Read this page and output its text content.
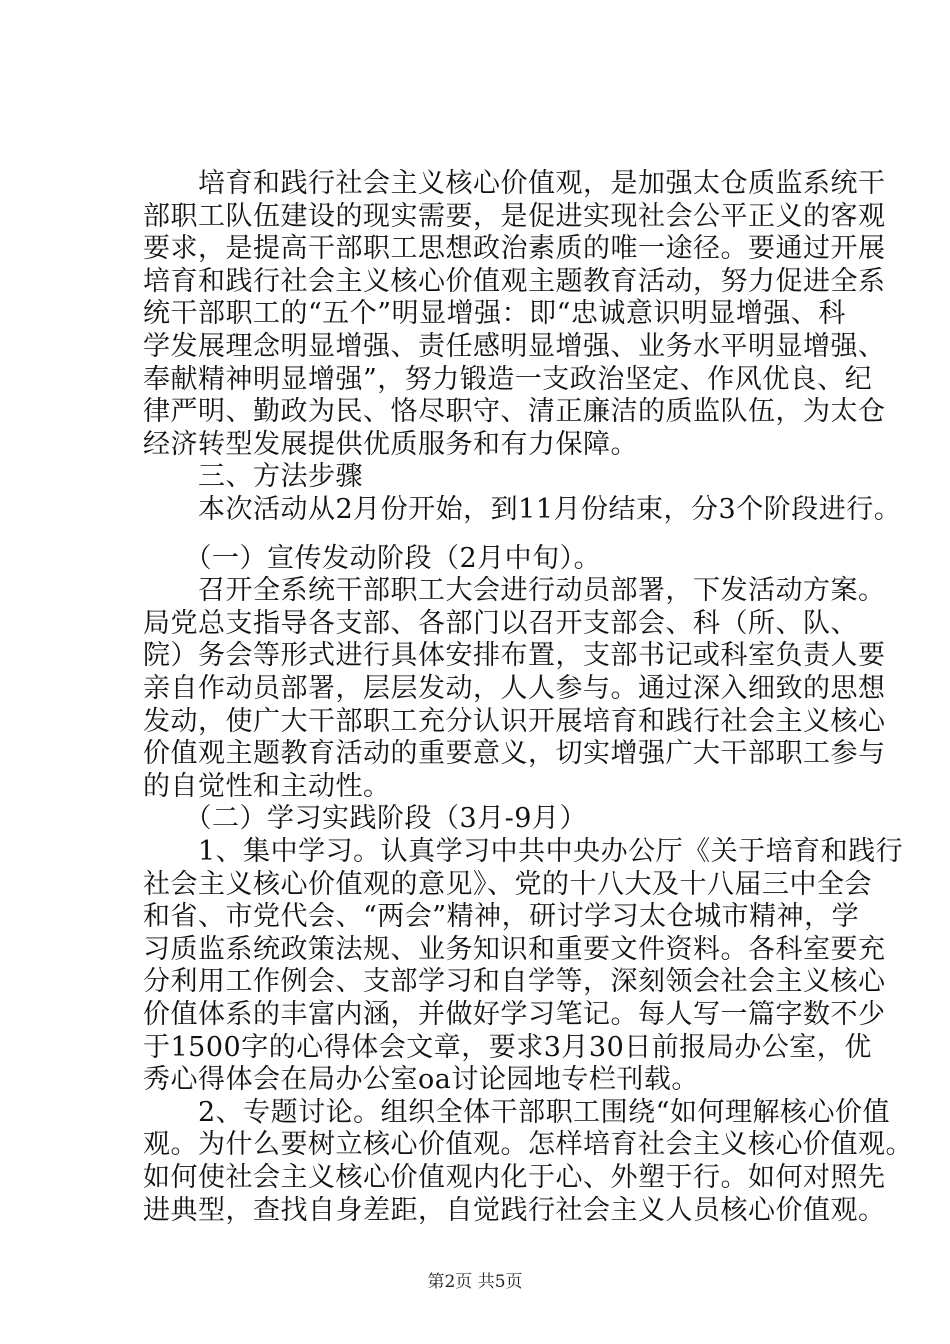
　　培育和践行社会主义核心价值观，是加强太仓质监系统干
部职工队伍建设的现实需要，是促进实现社会公平正义的客观
要求，是提高干部职工思想政治素质的唯一途径。要通过开展
培育和践行社会主义核心价值观主题教育活动，努力促进全系
统干部职工的“五个”明显增强：即“忠诚意识明显增强、科
学发展理念明显增强、责任感明显增强、业务水平明显增强、
奉献精神明显增强”，努力锻造一支政治坚定、作风优良、纪
律严明、勤政为民、恪尽职守、清正廉洁的质监队伍，为太仓
经济转型发展提供优质服务和有力保障。
　　三、方法步骤
　　本次活动从2月份开始，到11月份结束，分3个阶段进行。
　　（一）宣传发动阶段（2月中旬）。
　　召开全系统干部职工大会进行动员部署，下发活动方案。
局党总支指导各支部、各部门以召开支部会、科（所、队、
院）务会等形式进行具体安排布置，支部书记或科室负责人要
亲自作动员部署，层层发动，人人参与。通过深入细致的思想
发动，使广大干部职工充分认识开展培育和践行社会主义核心
价值观主题教育活动的重要意义，切实增强广大干部职工参与
的自觉性和主动性。
　　（二）学习实践阶段（3月-9月）
　　1、集中学习。认真学习中共中央办公厅《关于培育和践行
社会主义核心价值观的意见》、党的十八大及十八届三中全会
和省、市党代会、“两会”精神，研讨学习太仓城市精神，学
习质监系统政策法规、业务知识和重要文件资料。各科室要充
分利用工作例会、支部学习和自学等，深刻领会社会主义核心
价值体系的丰富内涵，并做好学习笔记。每人写一篇字数不少
于1500字的心得体会文章，要求3月30日前报局办公室，优
秀心得体会在局办公室oa讨论园地专栏刊载。
　　2、专题讨论。组织全体干部职工围绕“如何理解核心价值
观。为什么要树立核心价值观。怎样培育社会主义核心价值观。
第2页 共5页
如何使社会主义核心价值观内化于心、外塑于行。如何对照先
进典型，查找自身差距，自觉践行社会主义人员核心价值观。
